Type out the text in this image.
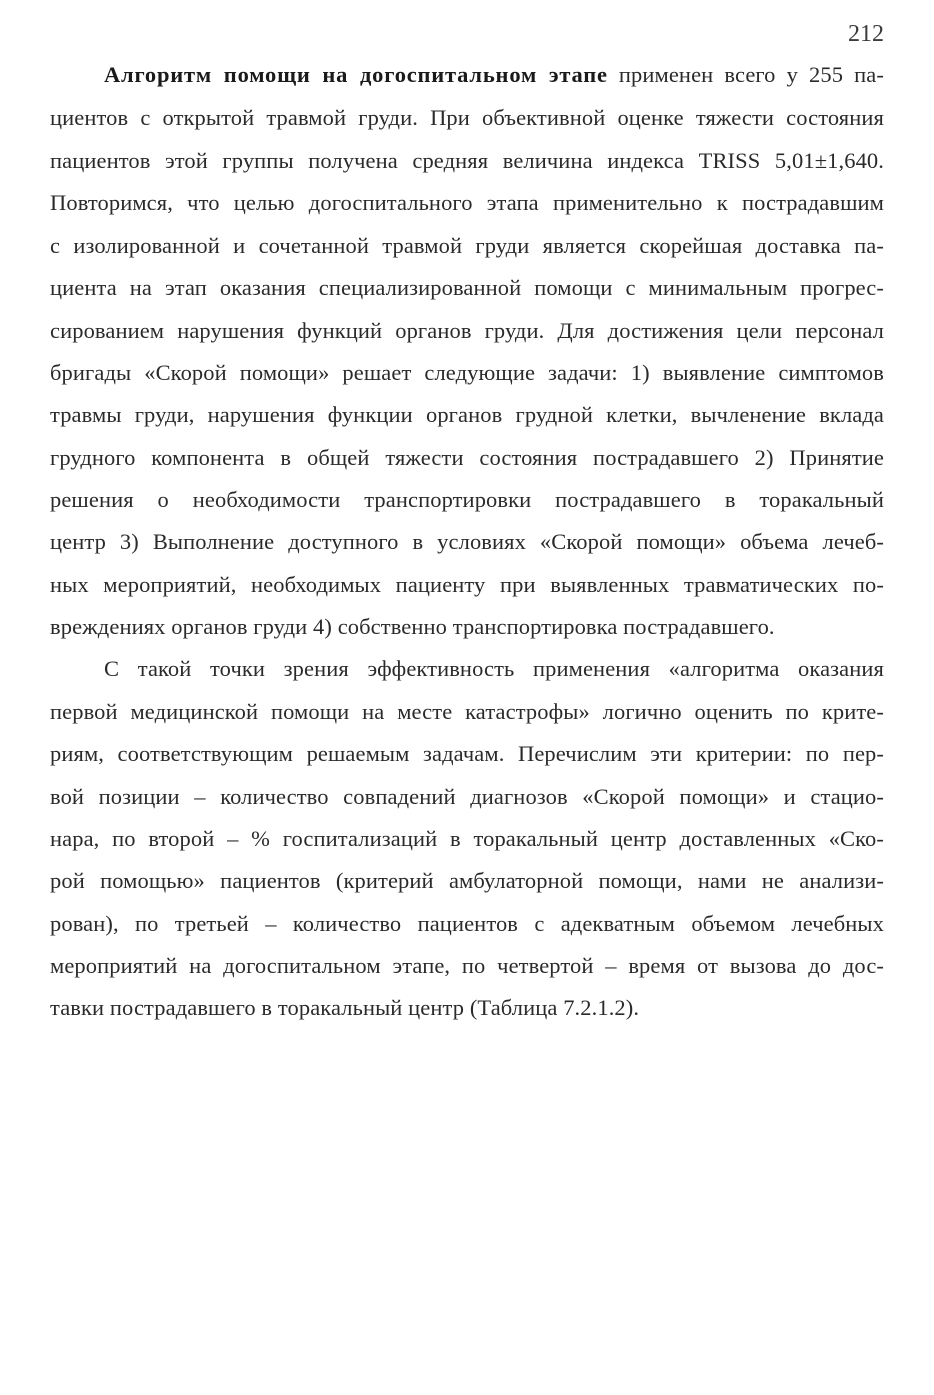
212
Алгоритм помощи на догоспитальном этапе применен всего у 255 па-
циентов с открытой травмой груди. При объективной оценке тяжести состояния
пациентов этой группы получена средняя величина индекса TRISS 5,01±1,640.
Повторимся, что целью догоспитального этапа применительно к пострадавшим
с изолированной и сочетанной травмой груди является скорейшая доставка па-
циента на этап оказания специализированной помощи с минимальным прогрес-
сированием нарушения функций органов груди. Для достижения цели персонал
бригады «Скорой помощи» решает следующие задачи: 1) выявление симптомов
травмы груди, нарушения функции органов грудной клетки, вычленение вклада
грудного компонента в общей тяжести состояния пострадавшего 2) Принятие
решения о необходимости транспортировки пострадавшего в торакальный
центр 3) Выполнение доступного в условиях «Скорой помощи» объема лечеб-
ных мероприятий, необходимых пациенту при выявленных травматических по-
вреждениях органов груди 4) собственно транспортировка пострадавшего.
С такой точки зрения эффективность применения «алгоритма оказания
первой медицинской помощи на месте катастрофы» логично оценить по крите-
риям, соответствующим решаемым задачам. Перечислим эти критерии: по пер-
вой позиции – количество совпадений диагнозов «Скорой помощи» и стацио-
нара, по второй – % госпитализаций в торакальный центр доставленных «Ско-
рой помощью» пациентов (критерий амбулаторной помощи, нами не анализи-
рован), по третьей – количество пациентов с адекватным объемом лечебных
мероприятий на догоспитальном этапе, по четвертой – время от вызова до дос-
тавки пострадавшего в торакальный центр (Таблица 7.2.1.2).
